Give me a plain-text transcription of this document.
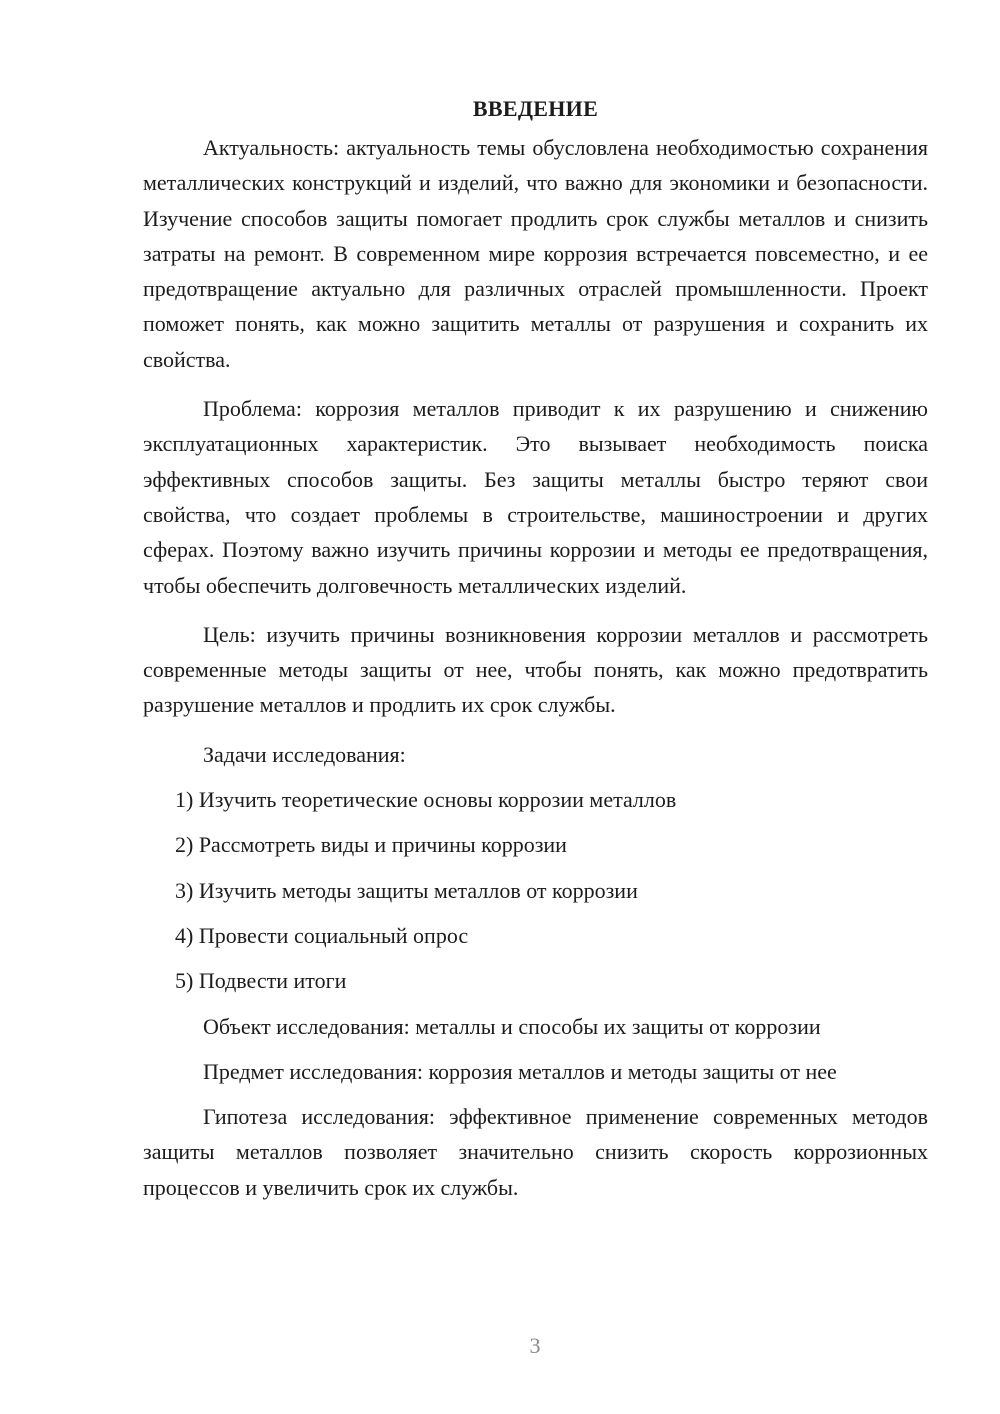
ВВЕДЕНИЕ

Актуальность: актуальность темы обусловлена необходимостью сохранения металлических конструкций и изделий, что важно для экономики и безопасности. Изучение способов защиты помогает продлить срок службы металлов и снизить затраты на ремонт. В современном мире коррозия встречается повсеместно, и ее предотвращение актуально для различных отраслей промышленности. Проект поможет понять, как можно защитить металлы от разрушения и сохранить их свойства.

Проблема: коррозия металлов приводит к их разрушению и снижению эксплуатационных характеристик. Это вызывает необходимость поиска эффективных способов защиты. Без защиты металлы быстро теряют свои свойства, что создает проблемы в строительстве, машиностроении и других сферах. Поэтому важно изучить причины коррозии и методы ее предотвращения, чтобы обеспечить долговечность металлических изделий.

Цель: изучить причины возникновения коррозии металлов и рассмотреть современные методы защиты от нее, чтобы понять, как можно предотвратить разрушение металлов и продлить их срок службы.

Задачи исследования:
1) Изучить теоретические основы коррозии металлов
2) Рассмотреть виды и причины коррозии
3) Изучить методы защиты металлов от коррозии
4) Провести социальный опрос
5) Подвести итоги
Объект исследования: металлы и способы их защиты от коррозии
Предмет исследования: коррозия металлов и методы защиты от нее

Гипотеза исследования: эффективное применение современных методов защиты металлов позволяет значительно снизить скорость коррозионных процессов и увеличить срок их службы.

3
